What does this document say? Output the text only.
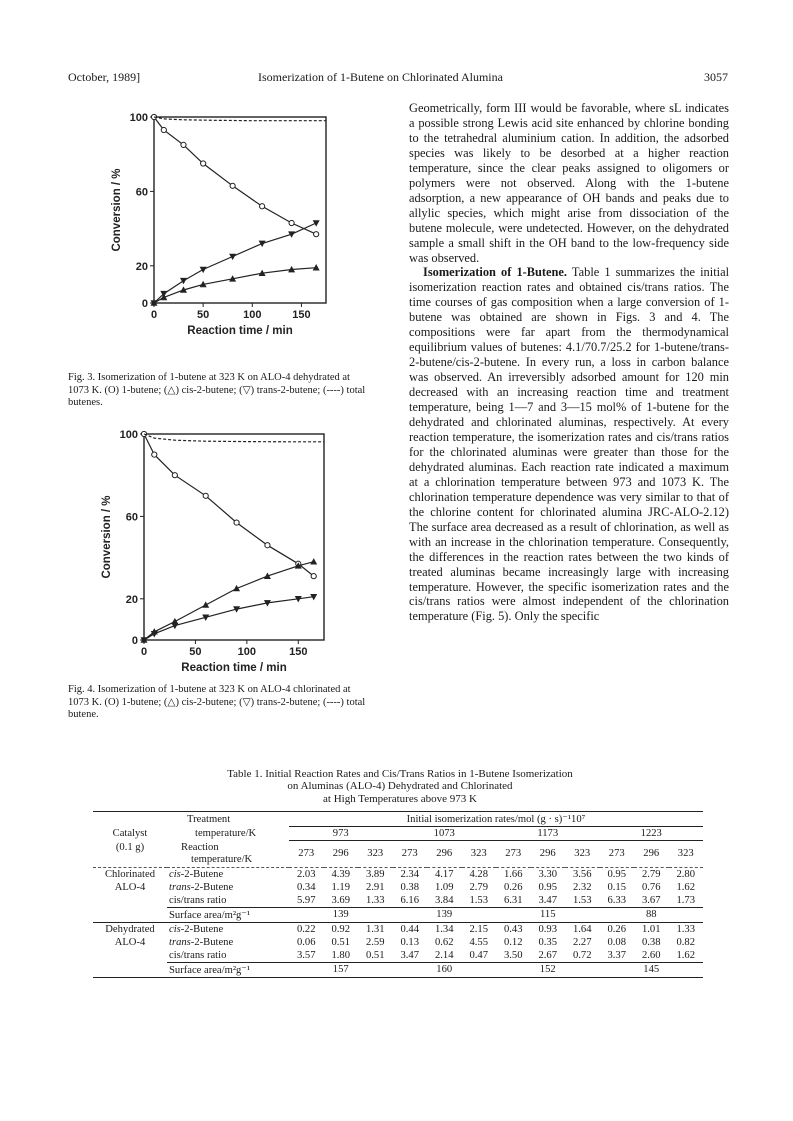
October, 1989]	Isomerization of 1-Butene on Chlorinated Alumina	3057
0	50	100	150
0
20
60
100
Reaction time / min
Conversion / %
Fig. 3. Isomerization of 1-butene at 323 K on ALO-4 dehydrated at 1073 K. (O) 1-butene; (△) cis-2-butene; (▽) trans-2-butene; (----) total butenes.
0	50	100	150
0
20
60
100
Reaction time / min
Conversion / %
Fig. 4. Isomerization of 1-butene at 323 K on ALO-4 chlorinated at 1073 K. (O) 1-butene; (△) cis-2-butene; (▽) trans-2-butene; (----) total butene.

Geometrically, form III would be favorable, where sL indicates a possible strong Lewis acid site enhanced by chlorine bonding to the tetrahedral aluminium cation. In addition, the adsorbed species was likely to be desorbed at a higher reaction temperature, since the clear peaks assigned to oligomers or polymers were not observed. Along with the 1-butene adsorption, a new appearance of OH bands and peaks due to allylic species, which might arise from dissociation of the butene molecule, were undetected. However, on the dehydrated sample a small shift in the OH band to the low-frequency side was observed.

Isomerization of 1-Butene. Table 1 summarizes the initial isomerization reaction rates and obtained cis/trans ratios. The time courses of gas composition when a large conversion of 1-butene was obtained are shown in Figs. 3 and 4. The compositions were far apart from the thermodynamical equilibrium values of butenes: 4.1/70.7/25.2 for 1-butene/trans-2-butene/cis-2-butene. In every run, a loss in carbon balance was observed. An irreversibly adsorbed amount for 120 min decreased with an increasing reaction time and treatment temperature, being 1—7 and 3—15 mol% of 1-butene for the dehydrated and chlorinated aluminas, respectively. At every reaction temperature, the isomerization rates and cis/trans ratios for the chlorinated aluminas were greater than those for the dehydrated aluminas. Each reaction rate indicated a maximum at a chlorination temperature between 973 and 1073 K. The chlorination temperature dependence was very similar to that of the chlorine content for chlorinated alumina JRC-ALO-2.12) The surface area decreased as a result of chlorination, as well as with an increase in the chlorination temperature. Consequently, the differences in the reaction rates between the two kinds of treated aluminas became increasingly large with increasing temperature. However, the specific isomerization rates and the cis/trans ratios were almost independent of the chlorination temperature (Fig. 5). Only the specific

Table 1. Initial Reaction Rates and Cis/Trans Ratios in 1-Butene Isomerization
on Aluminas (ALO-4) Dehydrated and Chlorinated
at High Temperatures above 973 K
	Treatment	Initial isomerization rates/mol (g · s)⁻¹10⁷											
Catalyst	temperature/K	973			1073			1173			1223		
(0.1 g)	Reaction
temperature/K	273	296	323	273	296	323	273	296	323	273	296	323
Chlorinated	cis-2-Butene	2.03	4.39	3.89	2.34	4.17	4.28	1.66	3.30	3.56	0.95	2.79	2.80
ALO-4	trans-2-Butene	0.34	1.19	2.91	0.38	1.09	2.79	0.26	0.95	2.32	0.15	0.76	1.62
	cis/trans ratio	5.97	3.69	1.33	6.16	3.84	1.53	6.31	3.47	1.53	6.33	3.67	1.73
	Surface area/m²g⁻¹	139			139			115			88		
Dehydrated	cis-2-Butene	0.22	0.92	1.31	0.44	1.34	2.15	0.43	0.93	1.64	0.26	1.01	1.33
ALO-4	trans-2-Butene	0.06	0.51	2.59	0.13	0.62	4.55	0.12	0.35	2.27	0.08	0.38	0.82
	cis/trans ratio	3.57	1.80	0.51	3.47	2.14	0.47	3.50	2.67	0.72	3.37	2.60	1.62
	Surface area/m²g⁻¹	157			160			152			145		
